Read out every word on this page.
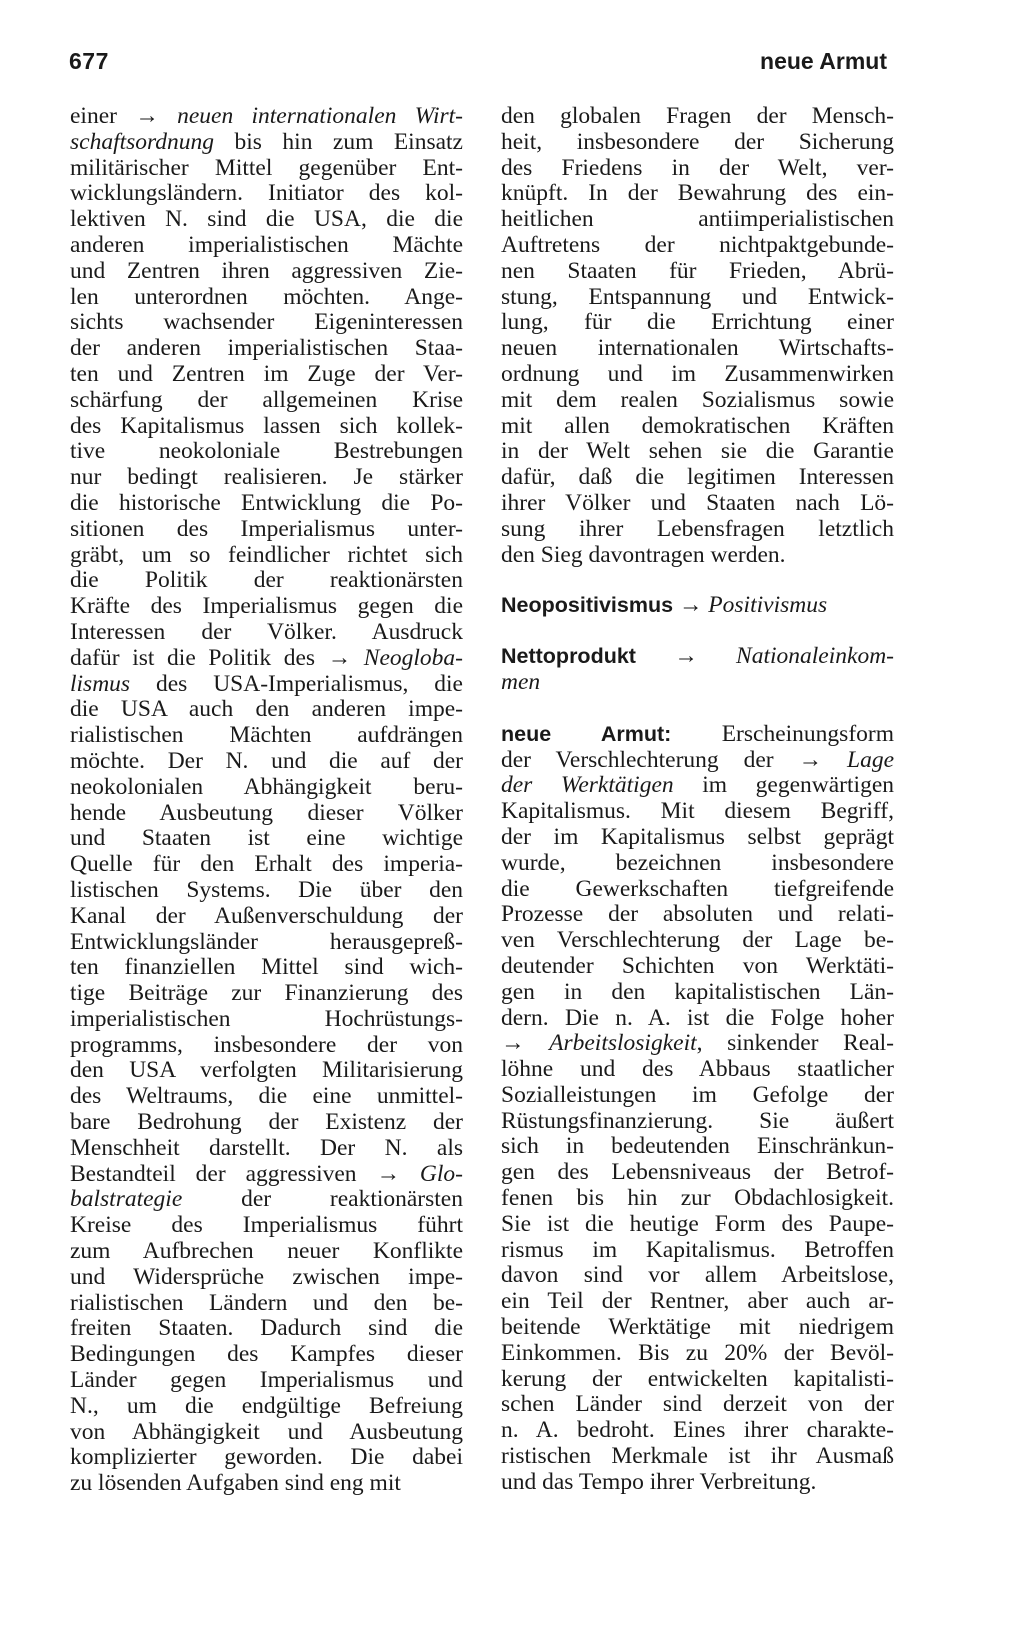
677	neue Armut
einer → neuen internationalen Wirt-
schaftsordnung bis hin zum Einsatz
militärischer Mittel gegenüber Ent-
wicklungsländern. Initiator des kol-
lektiven N. sind die USA, die die
anderen imperialistischen Mächte
und Zentren ihren aggressiven Zie-
len unterordnen möchten. Ange-
sichts wachsender Eigeninteressen
der anderen imperialistischen Staa-
ten und Zentren im Zuge der Ver-
schärfung der allgemeinen Krise
des Kapitalismus lassen sich kollek-
tive neokoloniale Bestrebungen
nur bedingt realisieren. Je stärker
die historische Entwicklung die Po-
sitionen des Imperialismus unter-
gräbt, um so feindlicher richtet sich
die Politik der reaktionärsten
Kräfte des Imperialismus gegen die
Interessen der Völker. Ausdruck
dafür ist die Politik des → Neogloba-
lismus des USA-Imperialismus, die
die USA auch den anderen impe-
rialistischen Mächten aufdrängen
möchte. Der N. und die auf der
neokolonialen Abhängigkeit beru-
hende Ausbeutung dieser Völker
und Staaten ist eine wichtige
Quelle für den Erhalt des imperia-
listischen Systems. Die über den
Kanal der Außenverschuldung der
Entwicklungsländer herausgepreß-
ten finanziellen Mittel sind wich-
tige Beiträge zur Finanzierung des
imperialistischen Hochrüstungs-
programms, insbesondere der von
den USA verfolgten Militarisierung
des Weltraums, die eine unmittel-
bare Bedrohung der Existenz der
Menschheit darstellt. Der N. als
Bestandteil der aggressiven → Glo-
balstrategie der reaktionärsten
Kreise des Imperialismus führt
zum Aufbrechen neuer Konflikte
und Widersprüche zwischen impe-
rialistischen Ländern und den be-
freiten Staaten. Dadurch sind die
Bedingungen des Kampfes dieser
Länder gegen Imperialismus und
N., um die endgültige Befreiung
von Abhängigkeit und Ausbeutung
komplizierter geworden. Die dabei
zu lösenden Aufgaben sind eng mit
den globalen Fragen der Mensch-
heit, insbesondere der Sicherung
des Friedens in der Welt, ver-
knüpft. In der Bewahrung des ein-
heitlichen antiimperialistischen
Auftretens der nichtpaktgebunde-
nen Staaten für Frieden, Abrü-
stung, Entspannung und Entwick-
lung, für die Errichtung einer
neuen internationalen Wirtschafts-
ordnung und im Zusammenwirken
mit dem realen Sozialismus sowie
mit allen demokratischen Kräften
in der Welt sehen sie die Garantie
dafür, daß die legitimen Interessen
ihrer Völker und Staaten nach Lö-
sung ihrer Lebensfragen letztlich
den Sieg davontragen werden.
Neopositivismus → Positivismus
Nettoprodukt → Nationaleinkom-
men
neue Armut: Erscheinungsform
der Verschlechterung der → Lage
der Werktätigen im gegenwärtigen
Kapitalismus. Mit diesem Begriff,
der im Kapitalismus selbst geprägt
wurde, bezeichnen insbesondere
die Gewerkschaften tiefgreifende
Prozesse der absoluten und relati-
ven Verschlechterung der Lage be-
deutender Schichten von Werktäti-
gen in den kapitalistischen Län-
dern. Die n. A. ist die Folge hoher
→ Arbeitslosigkeit, sinkender Real-
löhne und des Abbaus staatlicher
Sozialleistungen im Gefolge der
Rüstungsfinanzierung. Sie äußert
sich in bedeutenden Einschränkun-
gen des Lebensniveaus der Betrof-
fenen bis hin zur Obdachlosigkeit.
Sie ist die heutige Form des Paupe-
rismus im Kapitalismus. Betroffen
davon sind vor allem Arbeitslose,
ein Teil der Rentner, aber auch ar-
beitende Werktätige mit niedrigem
Einkommen. Bis zu 20% der Bevöl-
kerung der entwickelten kapitalisti-
schen Länder sind derzeit von der
n. A. bedroht. Eines ihrer charakte-
ristischen Merkmale ist ihr Ausmaß
und das Tempo ihrer Verbreitung.
